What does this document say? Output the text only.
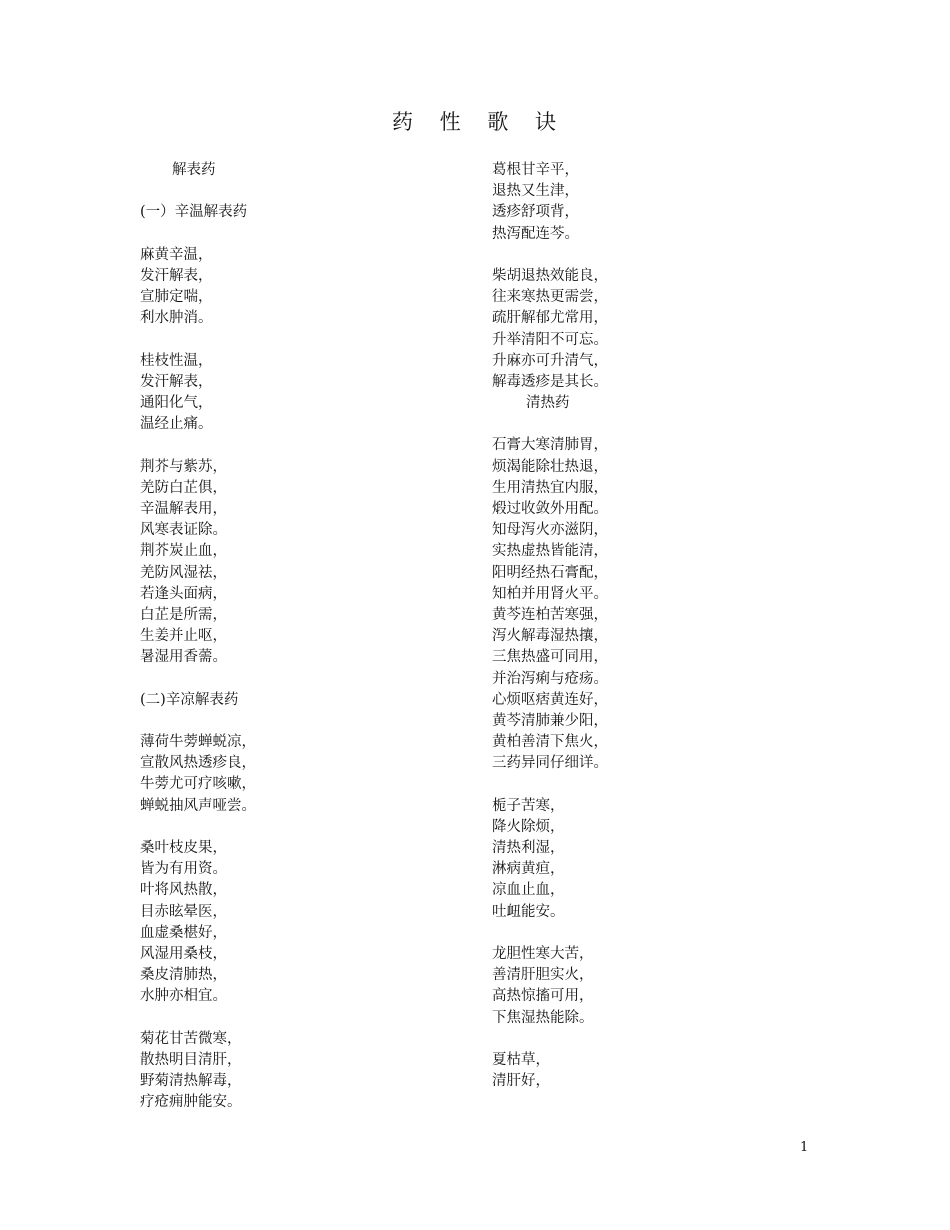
药 性 歌 诀
解表药
(一）辛温解表药
麻黄辛温，
发汗解表，
宣肺定喘，
利水肿消。
桂枝性温，
发汗解表，
通阳化气，
温经止痛。
荆芥与紫苏，
羌防白芷俱，
辛温解表用，
风寒表证除。
荆芥炭止血，
羌防风湿祛，
若逢头面病，
白芷是所需，
生姜并止呕，
暑湿用香薷。
(二)辛凉解表药
薄荷牛蒡蝉蜕凉，
宣散风热透疹良，
牛蒡尤可疗咳嗽，
蝉蜕抽风声哑尝。
桑叶枝皮果，
皆为有用资。
叶将风热散，
目赤眩晕医，
血虚桑椹好，
风湿用桑枝，
桑皮清肺热，
水肿亦相宜。
菊花甘苦微寒，
散热明目清肝，
野菊清热解毒，
疗疮痈肿能安。
葛根甘辛平，
退热又生津，
透疹舒项背，
热泻配连芩。
柴胡退热效能良，
往来寒热更需尝，
疏肝解郁尤常用，
升举清阳不可忘。
升麻亦可升清气，
解毒透疹是其长。
清热药
石膏大寒清肺胃，
烦渴能除壮热退，
生用清热宜内服，
煅过收敛外用配。
知母泻火亦滋阴，
实热虚热皆能清，
阳明经热石膏配，
知柏并用肾火平。
黄芩连柏苦寒强，
泻火解毒湿热攘，
三焦热盛可同用，
并治泻痢与疮疡。
心烦呕痞黄连好，
黄芩清肺兼少阳，
黄柏善清下焦火，
三药异同仔细详。
栀子苦寒，
降火除烦，
清热利湿，
淋病黄疸，
凉血止血，
吐衄能安。
龙胆性寒大苦，
善清肝胆实火，
高热惊搐可用，
下焦湿热能除。
夏枯草，
清肝好，
1
